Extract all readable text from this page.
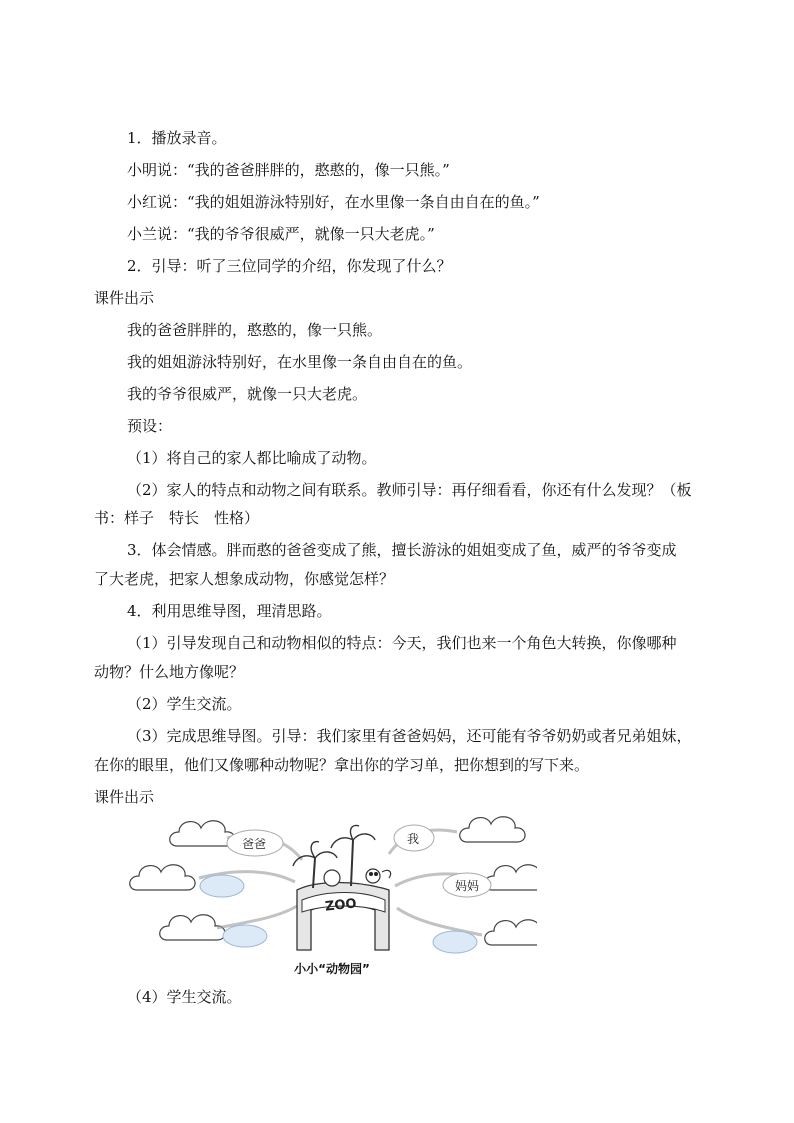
1．播放录音。
小明说：“我的爸爸胖胖的，憨憨的，像一只熊。”
小红说：“我的姐姐游泳特别好，在水里像一条自由自在的鱼。”
小兰说：“我的爷爷很威严，就像一只大老虎。”
2．引导：听了三位同学的介绍，你发现了什么？
课件出示
我的爸爸胖胖的，憨憨的，像一只熊。
我的姐姐游泳特别好，在水里像一条自由自在的鱼。
我的爷爷很威严，就像一只大老虎。
预设：
（1）将自己的家人都比喻成了动物。
（2）家人的特点和动物之间有联系。教师引导：再仔细看看，你还有什么发现？（板
书：样子　特长　性格）
3．体会情感。胖而憨的爸爸变成了熊，擅长游泳的姐姐变成了鱼，威严的爷爷变成
了大老虎，把家人想象成动物，你感觉怎样？
4．利用思维导图，理清思路。
（1）引导发现自己和动物相似的特点：今天，我们也来一个角色大转换，你像哪种
动物？什么地方像呢？
（2）学生交流。
（3）完成思维导图。引导：我们家里有爸爸妈妈，还可能有爷爷奶奶或者兄弟姐妹，
在你的眼里，他们又像哪种动物呢？拿出你的学习单，把你想到的写下来。
课件出示
爸爸	我
妈妈
ZOO
小小“动物园”
（4）学生交流。
